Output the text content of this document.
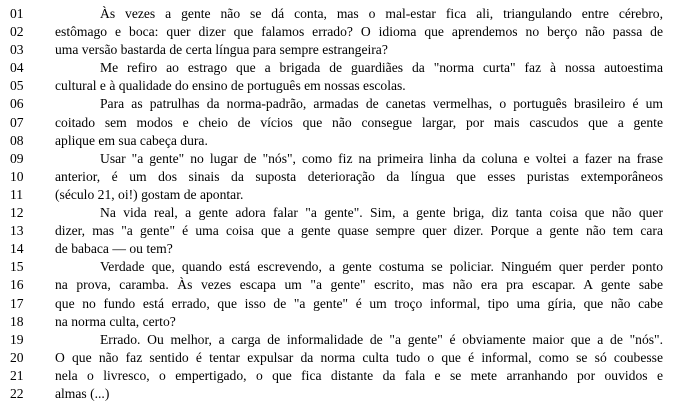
01	Às vezes a gente não se dá conta, mas o mal-estar fica ali, triangulando entre cérebro,
02	estômago e boca: quer dizer que falamos errado? O idioma que aprendemos no berço não passa de
03	uma versão bastarda de certa língua para sempre estrangeira?
04	Me refiro ao estrago que a brigada de guardiães da "norma curta" faz à nossa autoestima
05	cultural e à qualidade do ensino de português em nossas escolas.
06	Para as patrulhas da norma-padrão, armadas de canetas vermelhas, o português brasileiro é um
07	coitado sem modos e cheio de vícios que não consegue largar, por mais cascudos que a gente
08	aplique em sua cabeça dura.
09	Usar "a gente" no lugar de "nós", como fiz na primeira linha da coluna e voltei a fazer na frase
10	anterior, é um dos sinais da suposta deterioração da língua que esses puristas extemporâneos
11	(século 21, oi!) gostam de apontar.
12	Na vida real, a gente adora falar "a gente". Sim, a gente briga, diz tanta coisa que não quer
13	dizer, mas "a gente" é uma coisa que a gente quase sempre quer dizer. Porque a gente não tem cara
14	de babaca — ou tem?
15	Verdade que, quando está escrevendo, a gente costuma se policiar. Ninguém quer perder ponto
16	na prova, caramba. Às vezes escapa um "a gente" escrito, mas não era pra escapar. A gente sabe
17	que no fundo está errado, que isso de "a gente" é um troço informal, tipo uma gíria, que não cabe
18	na norma culta, certo?
19	Errado. Ou melhor, a carga de informalidade de "a gente" é obviamente maior que a de "nós".
20	O que não faz sentido é tentar expulsar da norma culta tudo o que é informal, como se só coubesse
21	nela o livresco, o empertigado, o que fica distante da fala e se mete arranhando por ouvidos e
22	almas (...)
